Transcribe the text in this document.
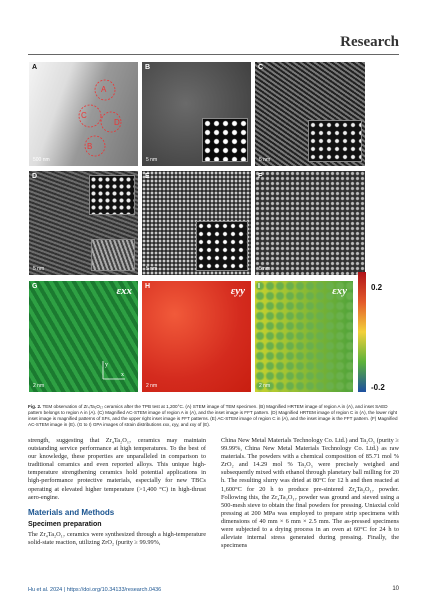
Research
A
A
B
C
D
500 nm
B
5 nm
C
5 nm
D
5 nm
E
5 nm
F
5 nm
G	εxx
x
y
2 nm
H	εyy
2 nm
I	εxy
2 nm
0.2
-0.2
Fig. 2. TEM observation of Zr₄Ta₂O₁₇ ceramics after the TPB test at 1,200°C. (A) STEM image of TEM specimen. (B) Magnified HRTEM image of region A in (A), and inset SAED pattern belongs to region A in (A). (C) Magnified AC-STEM image of region A in (A), and the inset image is FFT pattern. (D) Magnified HRTEM image of region C in (A), the lower right inset image is magnified patterns of SFs, and the upper right inset image is FFT patterns. (E) AC-STEM image of region C in (A), and the inset image is the FFT pattern. (F) Magnified AC-STEM image in (E). (G to I) GPA images of strain distributions εxx, εyy, and εxy of (E).
strength, suggesting that Zr₄Ta₂O₁₇ ceramics may maintain outstanding service performance at high temperatures. To the best of our knowledge, these properties are unparalleled in comparison to traditional ceramics and even reported alloys. This unique high-temperature strengthening ceramics hold potential applications in high-performance protective materials, especially for new TBCs operating at elevated higher temperature (>1,400 °C) in high-thrust aero-engine.
Materials and Methods
Specimen preparation
The Zr₄Ta₂O₁₇ ceramics were synthesized through a high-temperature solid-state reaction, utilizing ZrO₂ (purity ≥ 99.99%,
China New Metal Materials Technology Co. Ltd.) and Ta₂O₅ (purity ≥ 99.99%, China New Metal Materials Technology Co. Ltd.) as raw materials. The powders with a chemical composition of 85.71 mol % ZrO₂ and 14.29 mol % Ta₂O₅ were precisely weighed and subsequently mixed with ethanol through planetary ball milling for 20 h. The resulting slurry was dried at 80°C for 12 h and then reacted at 1,600°C for 20 h to produce pre-sintered Zr₄Ta₂O₁₇ powder. Following this, the Zr₄Ta₂O₁₇ powder was ground and sieved using a 500-mesh sieve to obtain the final powders for pressing. Uniaxial cold pressing at 200 MPa was employed to prepare strip specimens with dimensions of 40 mm × 6 mm × 2.5 mm. The as-pressed specimens were subjected to a drying process in an oven at 60°C for 24 h to alleviate internal stress generated during pressing. Finally, the specimens
Hu et al. 2024 | https://doi.org/10.34133/research.0436	10
